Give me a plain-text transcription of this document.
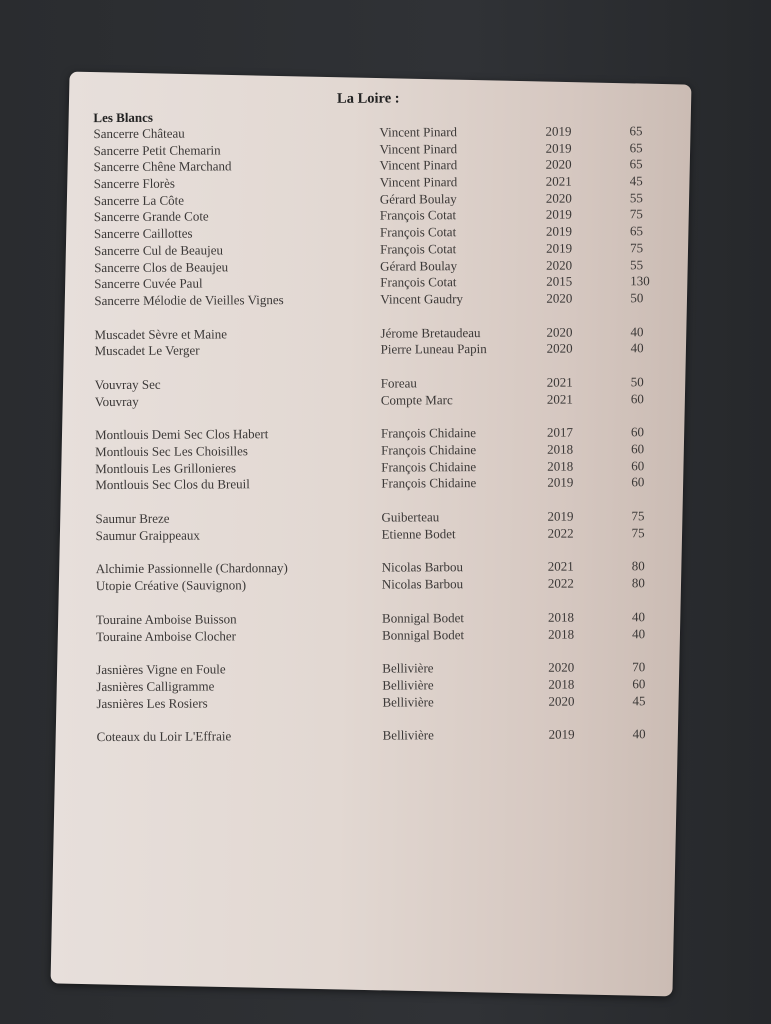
La Loire :
Les Blancs
Sancerre Château	Vincent Pinard	2019	65
Sancerre Petit Chemarin	Vincent Pinard	2019	65
Sancerre Chêne Marchand	Vincent Pinard	2020	65
Sancerre Florès	Vincent Pinard	2021	45
Sancerre La Côte	Gérard Boulay	2020	55
Sancerre Grande Cote	François Cotat	2019	75
Sancerre Caillottes	François Cotat	2019	65
Sancerre Cul de Beaujeu	François Cotat	2019	75
Sancerre Clos de Beaujeu	Gérard Boulay	2020	55
Sancerre Cuvée Paul	François Cotat	2015	130
Sancerre Mélodie de Vieilles Vignes	Vincent Gaudry	2020	50
Muscadet Sèvre et Maine	Jérome Bretaudeau	2020	40
Muscadet Le Verger	Pierre Luneau Papin	2020	40
Vouvray Sec	Foreau	2021	50
Vouvray	Compte Marc	2021	60
Montlouis Demi Sec Clos Habert	François Chidaine	2017	60
Montlouis Sec Les Choisilles	François Chidaine	2018	60
Montlouis Les Grillonieres	François Chidaine	2018	60
Montlouis Sec Clos du Breuil	François Chidaine	2019	60
Saumur Breze	Guiberteau	2019	75
Saumur Graippeaux	Etienne Bodet	2022	75
Alchimie Passionnelle (Chardonnay)	Nicolas Barbou	2021	80
Utopie Créative (Sauvignon)	Nicolas Barbou	2022	80
Touraine Amboise Buisson	Bonnigal Bodet	2018	40
Touraine Amboise Clocher	Bonnigal Bodet	2018	40
Jasnières Vigne en Foule	Bellivière	2020	70
Jasnières Calligramme	Bellivière	2018	60
Jasnières Les Rosiers	Bellivière	2020	45
Coteaux du Loir L'Effraie	Bellivière	2019	40
